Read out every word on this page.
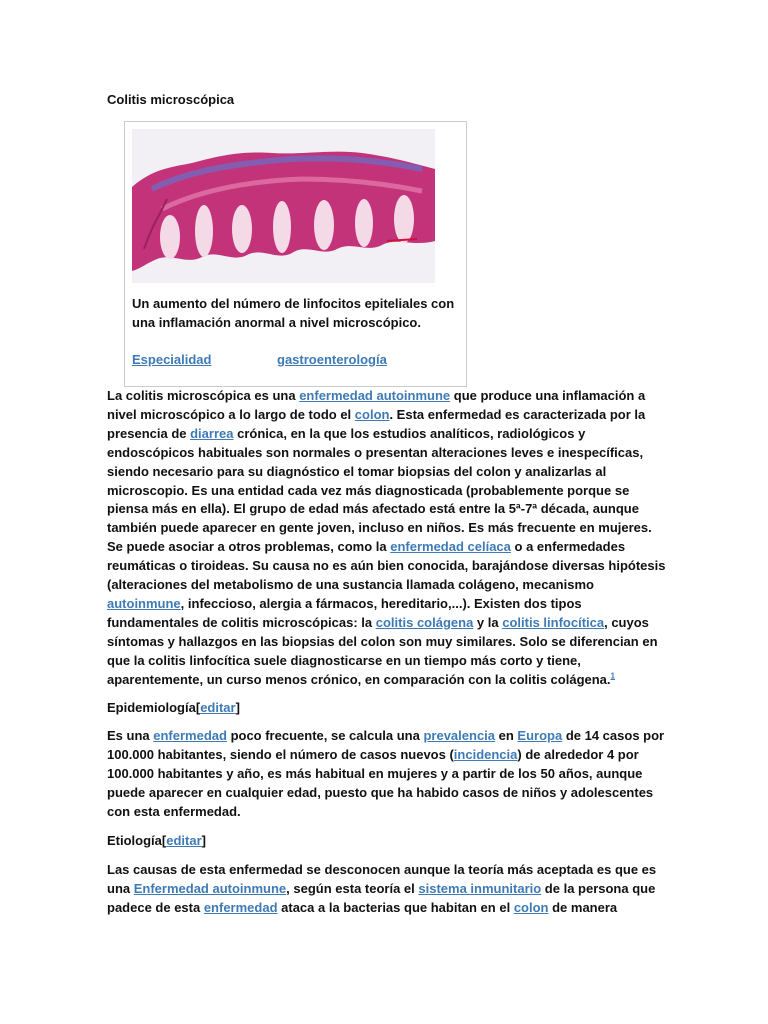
Colitis microscópica
Un aumento del número de linfocitos epiteliales con una inflamación anormal a nivel microscópico.
Especialidad	gastroenterología

La colitis microscópica es una enfermedad autoinmune que produce una inflamación a nivel microscópico a lo largo de todo el colon. Esta enfermedad es caracterizada por la presencia de diarrea crónica, en la que los estudios analíticos, radiológicos y endoscópicos habituales son normales o presentan alteraciones leves e inespecíficas, siendo necesario para su diagnóstico el tomar biopsias del colon y analizarlas al microscopio. Es una entidad cada vez más diagnosticada (probablemente porque se piensa más en ella). El grupo de edad más afectado está entre la 5ª-7ª década, aunque también puede aparecer en gente joven, incluso en niños. Es más frecuente en mujeres. Se puede asociar a otros problemas, como la enfermedad celíaca o a enfermedades reumáticas o tiroideas. Su causa no es aún bien conocida, barajándose diversas hipótesis (alteraciones del metabolismo de una sustancia llamada colágeno, mecanismo autoinmune, infeccioso, alergia a fármacos, hereditario,...). Existen dos tipos fundamentales de colitis microscópicas: la colitis colágena y la colitis linfocítica, cuyos síntomas y hallazgos en las biopsias del colon son muy similares. Solo se diferencian en que la colitis linfocítica suele diagnosticarse en un tiempo más corto y tiene, aparentemente, un curso menos crónico, en comparación con la colitis colágena.$^1$

Epidemiología[editar]

Es una enfermedad poco frecuente, se calcula una prevalencia en Europa de 14 casos por 100.000 habitantes, siendo el número de casos nuevos (incidencia) de alrededor 4 por 100.000 habitantes y año, es más habitual en mujeres y a partir de los 50 años, aunque puede aparecer en cualquier edad, puesto que ha habido casos de niños y adolescentes con esta enfermedad.

Etiología[editar]

Las causas de esta enfermedad se desconocen aunque la teoría más aceptada es que es una Enfermedad autoinmune, según esta teoría el sistema inmunitario de la persona que padece de esta enfermedad ataca a la bacterias que habitan en el colon de manera
